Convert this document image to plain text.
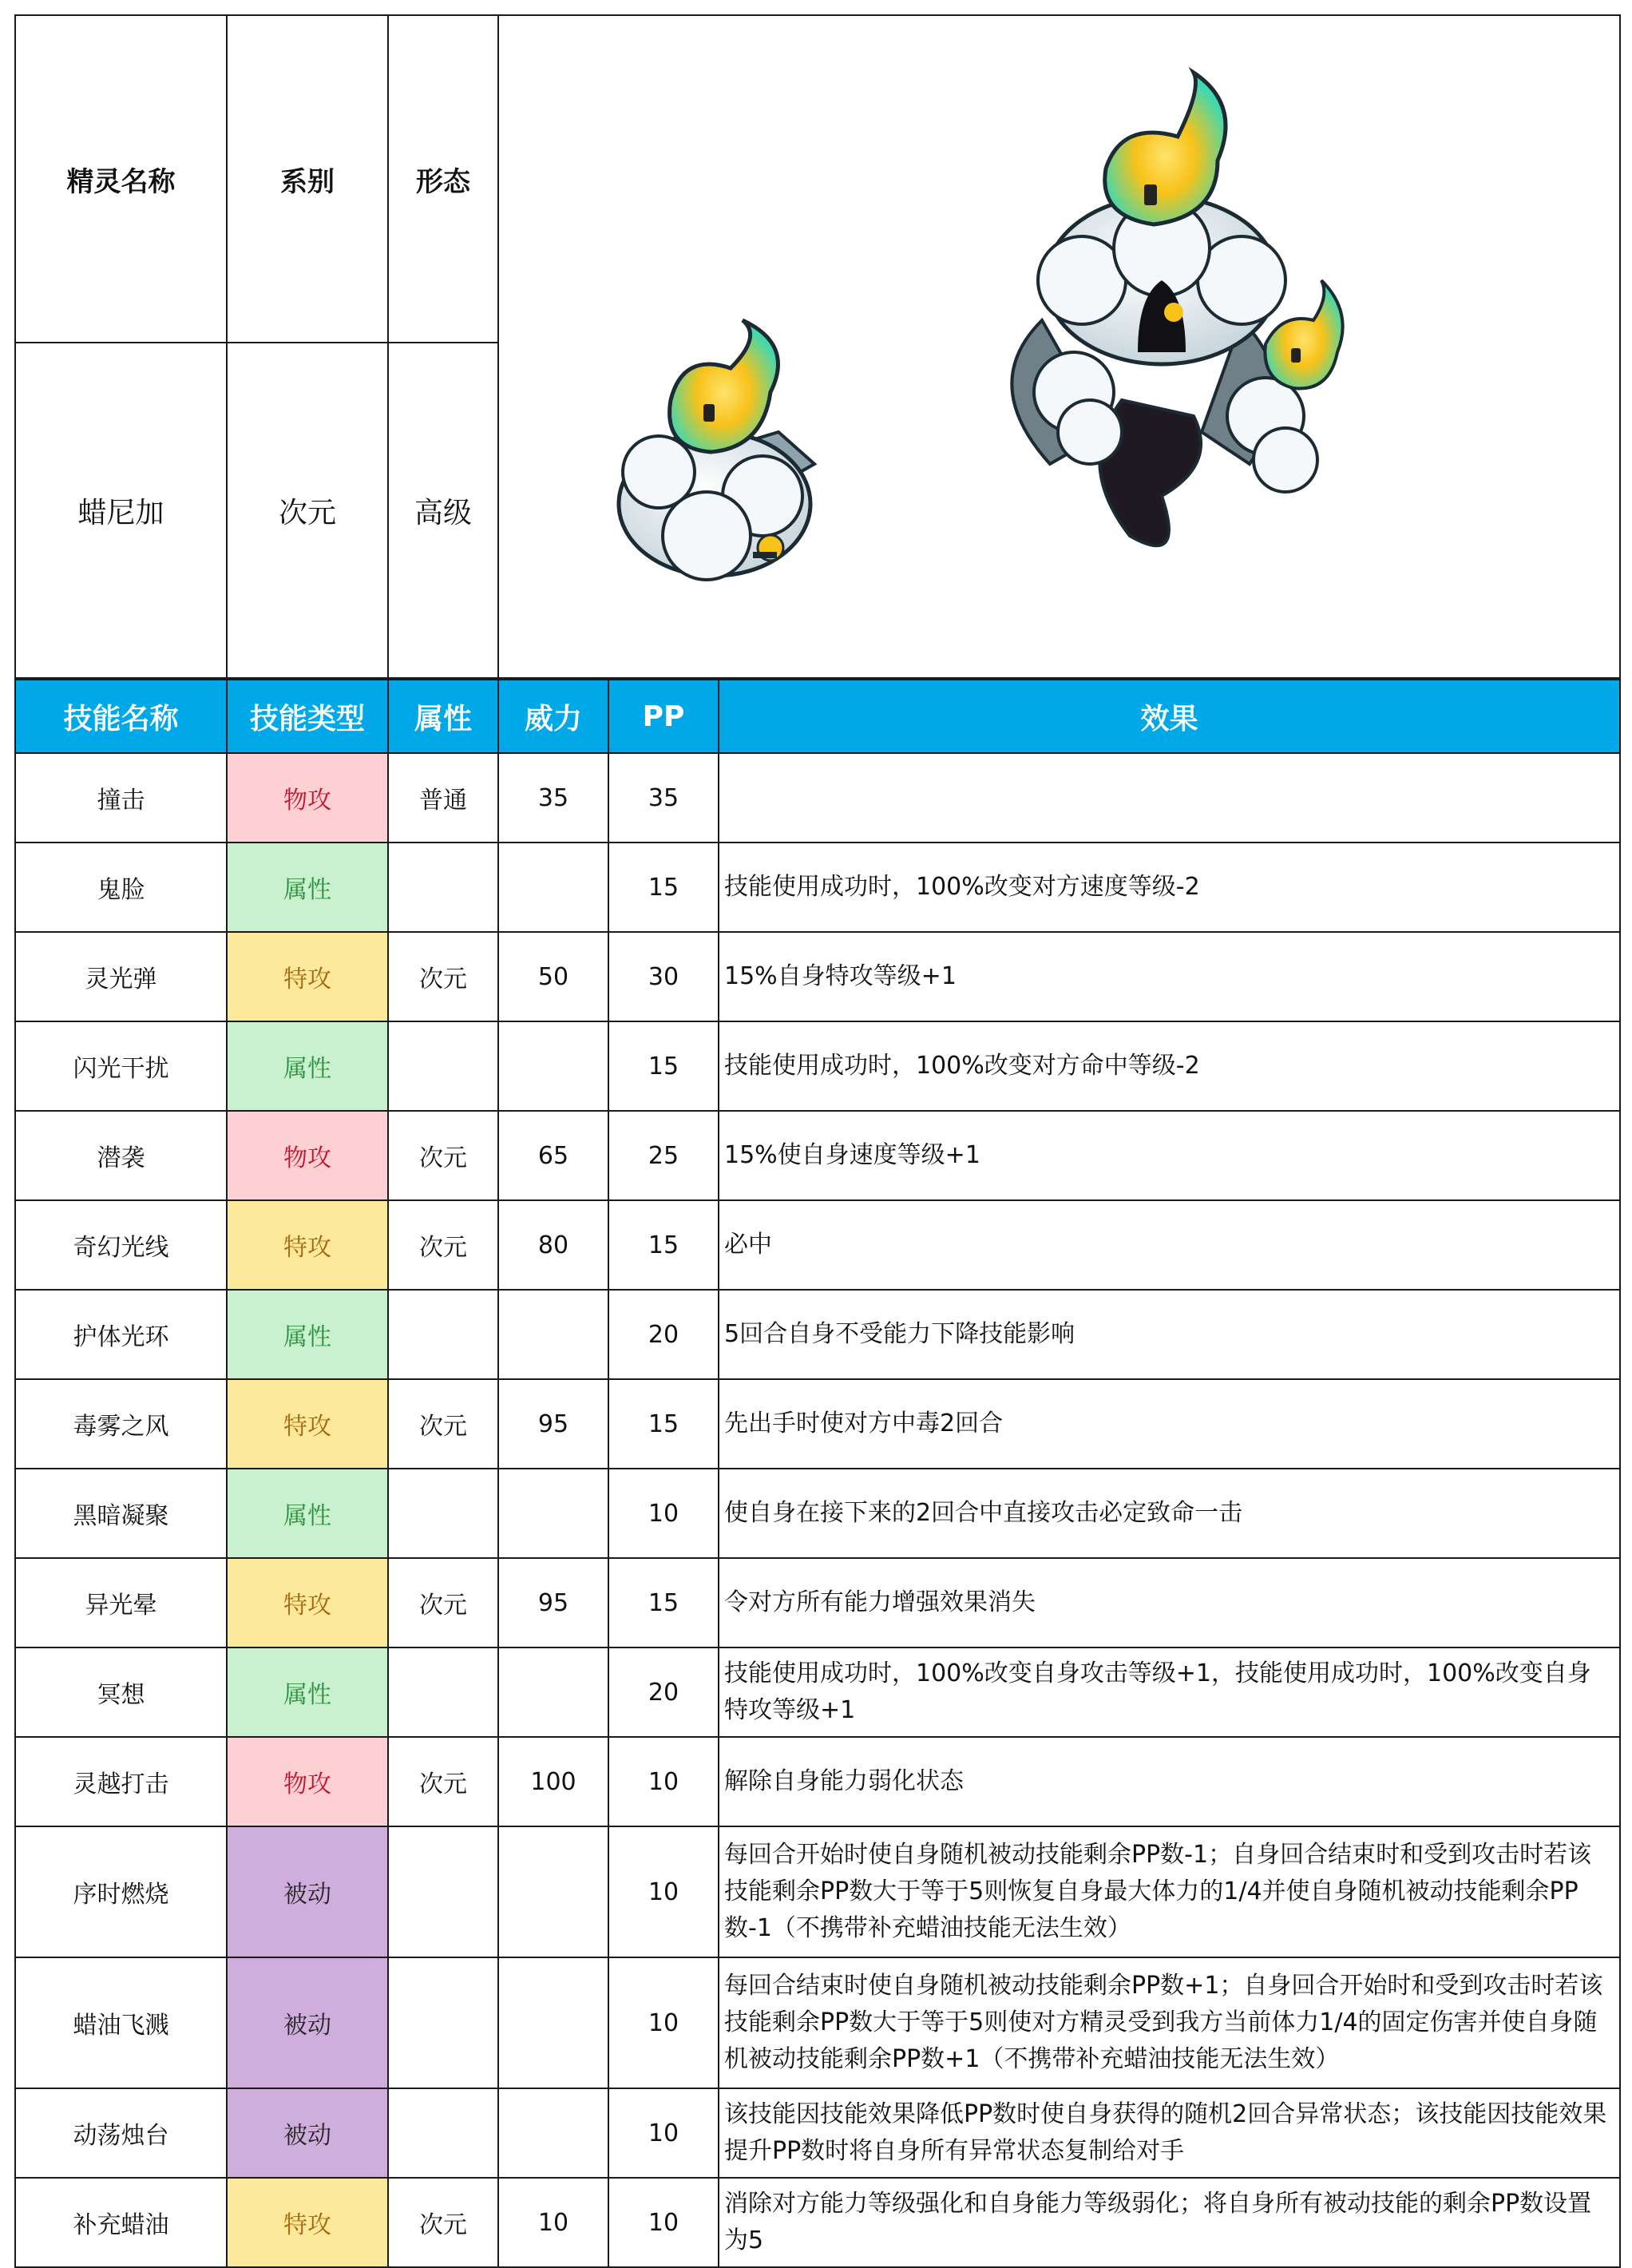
精灵名称	系别	形态	

蜡尼加	次元	高级	
技能名称	技能类型	属性	威力	PP	效果
撞击	物攻	普通	35	35	
鬼脸	属性			15	技能使用成功时，100%改变对方速度等级-2
灵光弹	特攻	次元	50	30	15%自身特攻等级+1
闪光干扰	属性			15	技能使用成功时，100%改变对方命中等级-2
潜袭	物攻	次元	65	25	15%使自身速度等级+1
奇幻光线	特攻	次元	80	15	必中
护体光环	属性			20	5回合自身不受能力下降技能影响
毒雾之风	特攻	次元	95	15	先出手时使对方中毒2回合
黑暗凝聚	属性			10	使自身在接下来的2回合中直接攻击必定致命一击
异光晕	特攻	次元	95	15	令对方所有能力增强效果消失
冥想	属性			20	技能使用成功时，100%改变自身攻击等级+1，技能使用成功时，100%改变自身特攻等级+1
灵越打击	物攻	次元	100	10	解除自身能力弱化状态
序时燃烧	被动			10	每回合开始时使自身随机被动技能剩余PP数-1；自身回合结束时和受到攻击时若该技能剩余PP数大于等于5则恢复自身最大体力的1/4并使自身随机被动技能剩余PP数-1（不携带补充蜡油技能无法生效）
蜡油飞溅	被动			10	每回合结束时使自身随机被动技能剩余PP数+1；自身回合开始时和受到攻击时若该技能剩余PP数大于等于5则使对方精灵受到我方当前体力1/4的固定伤害并使自身随机被动技能剩余PP数+1（不携带补充蜡油技能无法生效）
动荡烛台	被动			10	该技能因技能效果降低PP数时使自身获得的随机2回合异常状态；该技能因技能效果提升PP数时将自身所有异常状态复制给对手
补充蜡油	特攻	次元	10	10	消除对方能力等级强化和自身能力等级弱化；将自身所有被动技能的剩余PP数设置为5
